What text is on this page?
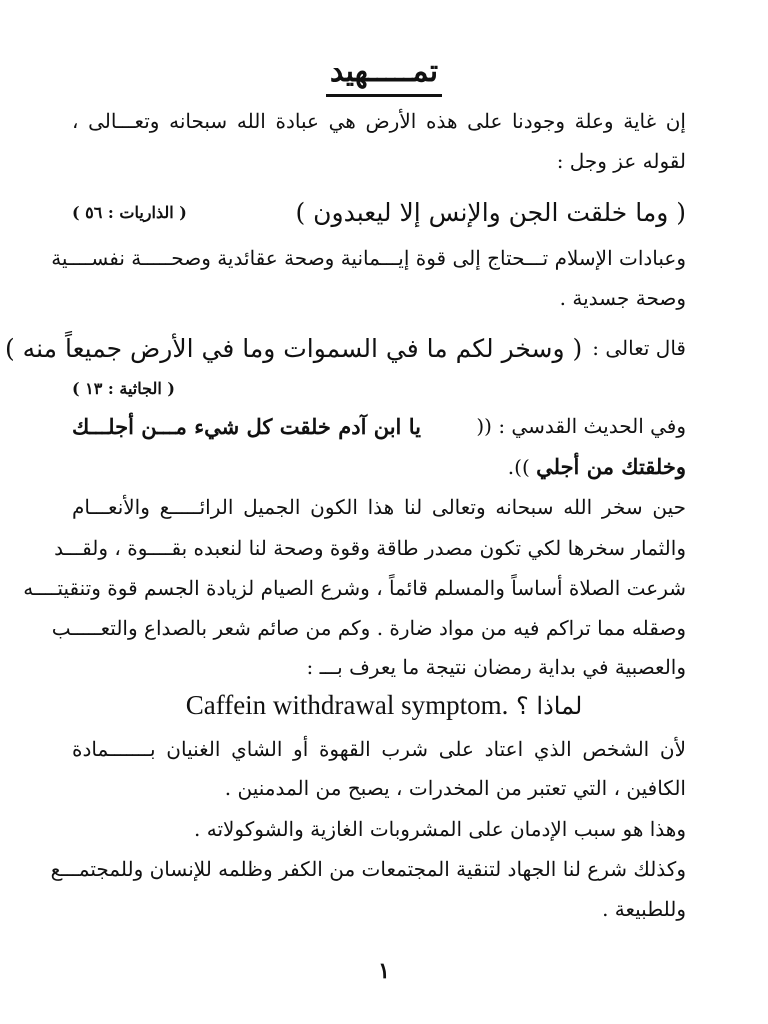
تمـــــهيد
إن غاية وعلة وجودنا على هذه الأرض هي عبادة الله سبحانه وتعـــالى ،
لقوله عز وجل :
( وما خلقت الجن والإنس إلا ليعبدون )
( الذاريات : ٥٦ )
وعبادات الإسلام تـــحتاج إلى قوة إيـــمانية وصحة عقائدية وصحـــــة نفســــية
وصحة جسدية .
قال تعالى :
( وسخر لكم ما في السموات وما في الأرض جميعاً منه )
( الجاثية : ١٣ )
وفي الحديث القدسي : ((
يا ابن آدم خلقت كل شيء مـــن أجلـــك
وخلقتك من أجلي )).
حين سخر الله سبحانه وتعالى لنا هذا الكون الجميل الرائـــــع والأنعـــام
والثمار سخرها لكي تكون مصدر طاقة وقوة وصحة لنا لنعبده بقــــوة ، ولقـــد
شرعت الصلاة أساساً والمسلم قائماً ، وشرع الصيام لزيادة الجسم قوة وتنقيتــــه
وصقله مما تراكم فيه من مواد ضارة . وكم من صائم شعر بالصداع والتعـــــب
والعصبية في بداية رمضان نتيجة ما يعرف بـــ :
لماذا ؟ Caffein withdrawal symptom.
لأن الشخص الذي اعتاد على شرب القهوة أو الشاي الغنيان بـــــــمادة
الكافين ، التي تعتبر من المخدرات ، يصبح من المدمنين .
وهذا هو سبب الإدمان على المشروبات الغازية والشوكولاته .
وكذلك شرع لنا الجهاد لتنقية المجتمعات من الكفر وظلمه للإنسان وللمجتمـــع
وللطبيعة .
١
